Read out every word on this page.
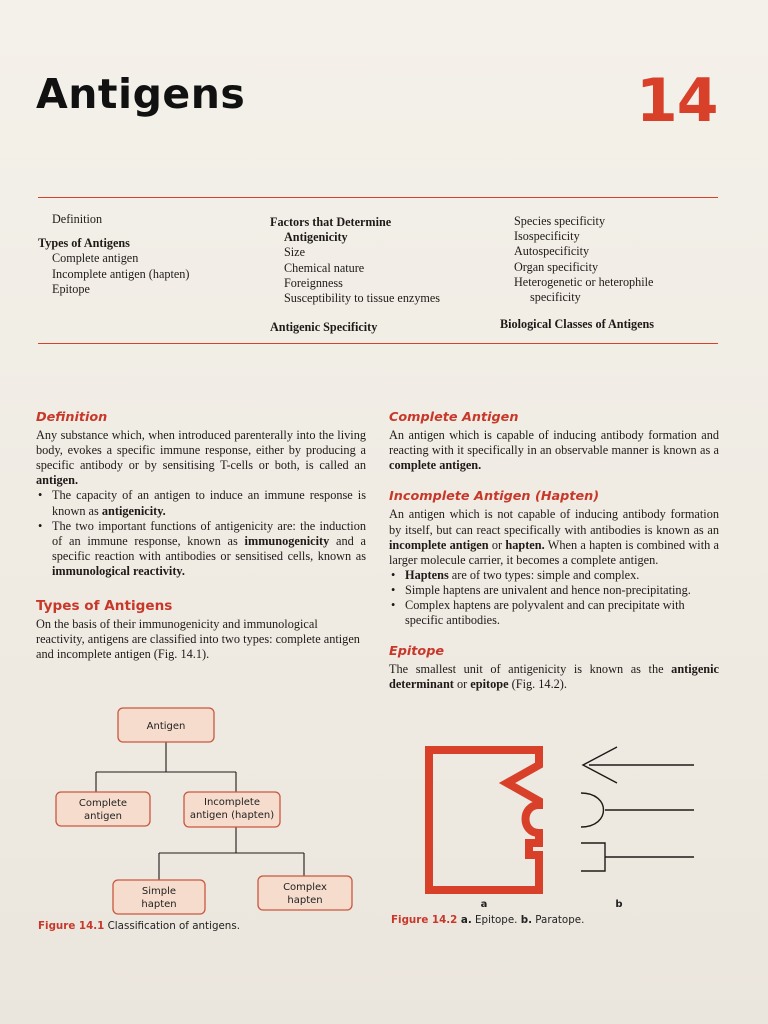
Antigens	14
Definition
Types of Antigens
Complete antigen
Incomplete antigen (hapten)
Epitope
Factors that Determine
Antigenicity
Size
Chemical nature
Foreignness
Susceptibility to tissue enzymes
Antigenic Specificity
Species specificity
Isospecificity
Autospecificity
Organ specificity
Heterogenetic or heterophile
specificity
Biological Classes of Antigens
Definition

Any substance which, when introduced parenterally into the living body, evokes a specific immune response, either by producing a specific antibody or by sensitising T-cells or both, is called an antigen.

• The capacity of an antigen to induce an immune response is known as antigenicity.
• The two important functions of antigenicity are: the induction of an immune response, known as immunogenicity and a specific reaction with antibodies or sensitised cells, known as immunological reactivity.
Types of Antigens

On the basis of their immunogenicity and immunological reactivity, antigens are classified into two types: complete antigen and incomplete antigen (Fig. 14.1).

Complete Antigen

An antigen which is capable of inducing antibody formation and reacting with it specifically in an observable manner is known as a complete antigen.

Incomplete Antigen (Hapten)

An antigen which is not capable of inducing antibody formation by itself, but can react specifically with antibodies is known as an incomplete antigen or hapten. When a hapten is combined with a larger molecule carrier, it becomes a complete antigen.

• Haptens are of two types: simple and complex.
• Simple haptens are univalent and hence non-precipitating.
• Complex haptens are polyvalent and can precipitate with specific antibodies.
Epitope

The smallest unit of antigenicity is known as the antigenic determinant or epitope (Fig. 14.2).

Antigen
Complete
antigen
Incomplete
antigen (hapten)
Simple
hapten
Complex
hapten
Figure 14.1 Classification of antigens.
a	b
Figure 14.2 a. Epitope. b. Paratope.
